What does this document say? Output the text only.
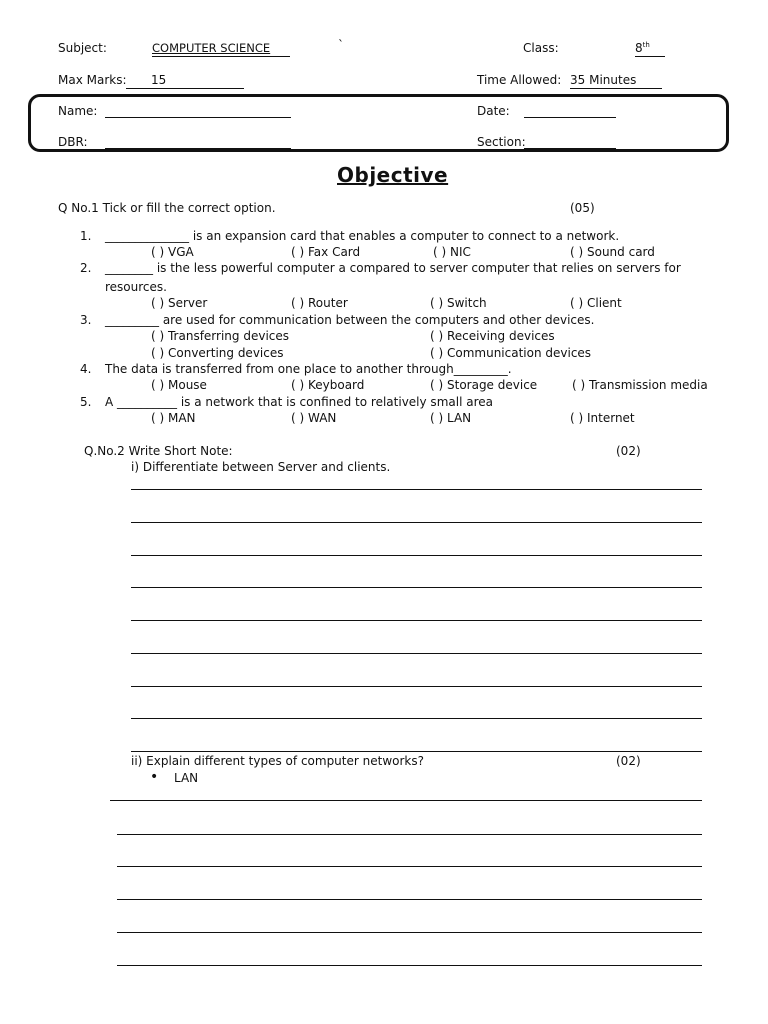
Subject:	COMPUTER SCIENCE	`	Class:	8th
Max Marks: 15	Time Allowed: 35 Minutes
Name:	Date:
DBR:	Section:
Objective
Q No.1 Tick or fill the correct option.	(05)
1. ______________ is an expansion card that enables a computer to connect to a network.
( ) VGA	( ) Fax Card	( ) NIC	( ) Sound card
2. ________ is the less powerful computer a compared to server computer that relies on servers for
resources.
( ) Server	( ) Router	( ) Switch	( ) Client
3. _________ are used for communication between the computers and other devices.
( ) Transferring devices	( ) Receiving devices
( ) Converting devices	( ) Communication devices
4. The data is transferred from one place to another through_________.
( ) Mouse	( ) Keyboard	( ) Storage device	( ) Transmission media
5. A __________ is a network that is confined to relatively small area
( ) MAN	( ) WAN	( ) LAN	( ) Internet
Q.No.2 Write Short Note:	(02)
i) Differentiate between Server and clients.
ii) Explain different types of computer networks?	(02)
• LAN
